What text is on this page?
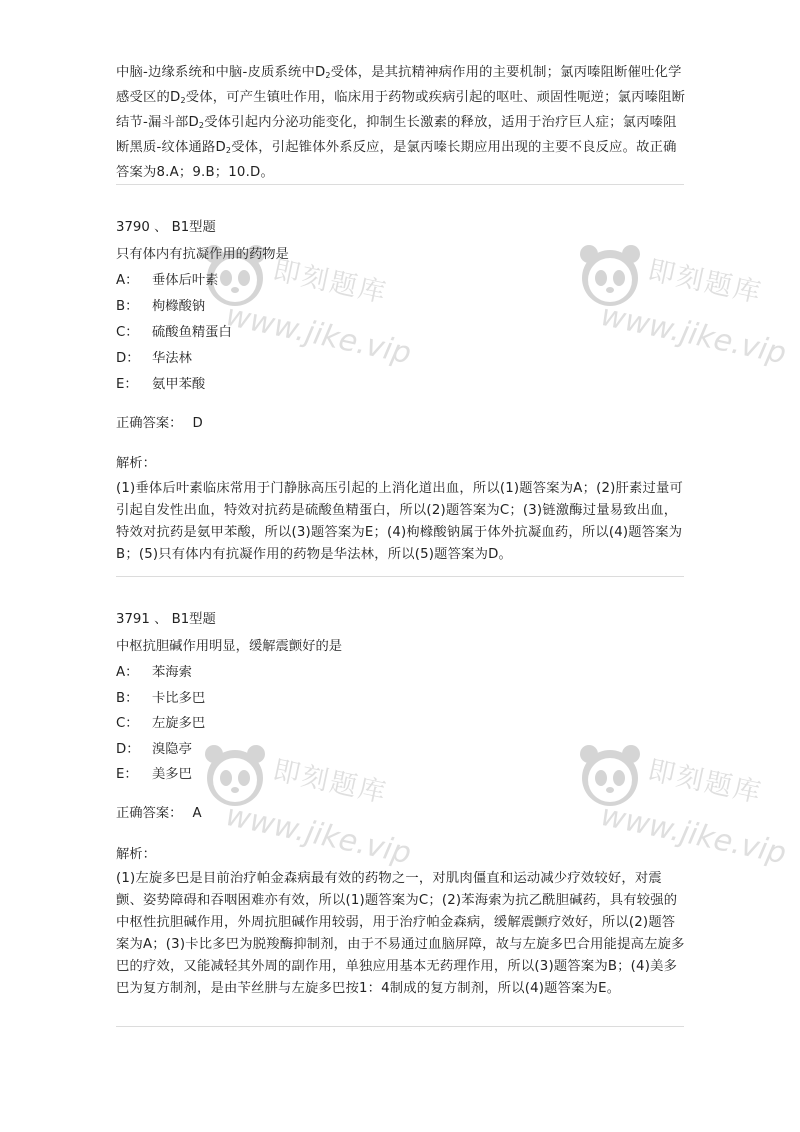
中脑-边缘系统和中脑-皮质系统中$D_2$受体，是其抗精神病作用的主要机制；氯丙嗪阻断催吐化学感受区的$D_2$受体，可产生镇吐作用，临床用于药物或疾病引起的呕吐、顽固性呃逆；氯丙嗪阻断结节-漏斗部$D_2$受体引起内分泌功能变化，抑制生长激素的释放，适用于治疗巨人症；氯丙嗪阻断黑质-纹体通路$D_2$受体，引起锥体外系反应，是氯丙嗪长期应用出现的主要不良反应。故正确答案为8.A；9.B；10.D。

3790 、 B1型题
只有体内有抗凝作用的药物是
A： 垂体后叶素
B： 枸橼酸钠
C： 硫酸鱼精蛋白
D： 华法林
E： 氨甲苯酸
正确答案： D
解析：

(1)垂体后叶素临床常用于门静脉高压引起的上消化道出血，所以(1)题答案为A；(2)肝素过量可引起自发性出血，特效对抗药是硫酸鱼精蛋白，所以(2)题答案为C；(3)链激酶过量易致出血，特效对抗药是氨甲苯酸，所以(3)题答案为E；(4)枸橼酸钠属于体外抗凝血药，所以(4)题答案为B；(5)只有体内有抗凝作用的药物是华法林，所以(5)题答案为D。

3791 、 B1型题
中枢抗胆碱作用明显，缓解震颤好的是
A： 苯海索
B： 卡比多巴
C： 左旋多巴
D： 溴隐亭
E： 美多巴
正确答案： A
解析：

(1)左旋多巴是目前治疗帕金森病最有效的药物之一，对肌肉僵直和运动减少疗效较好，对震颤、姿势障碍和吞咽困难亦有效，所以(1)题答案为C；(2)苯海索为抗乙酰胆碱药，具有较强的中枢性抗胆碱作用，外周抗胆碱作用较弱，用于治疗帕金森病，缓解震颤疗效好，所以(2)题答案为A；(3)卡比多巴为脱羧酶抑制剂，由于不易通过血脑屏障，故与左旋多巴合用能提高左旋多巴的疗效，又能减轻其外周的副作用，单独应用基本无药理作用，所以(3)题答案为B；(4)美多巴为复方制剂，是由苄丝肼与左旋多巴按1：4制成的复方制剂，所以(4)题答案为E。

即刻题库
www.jike.vip
即刻题库
www.jike.vip
即刻题库
www.jike.vip
即刻题库
www.jike.vip
